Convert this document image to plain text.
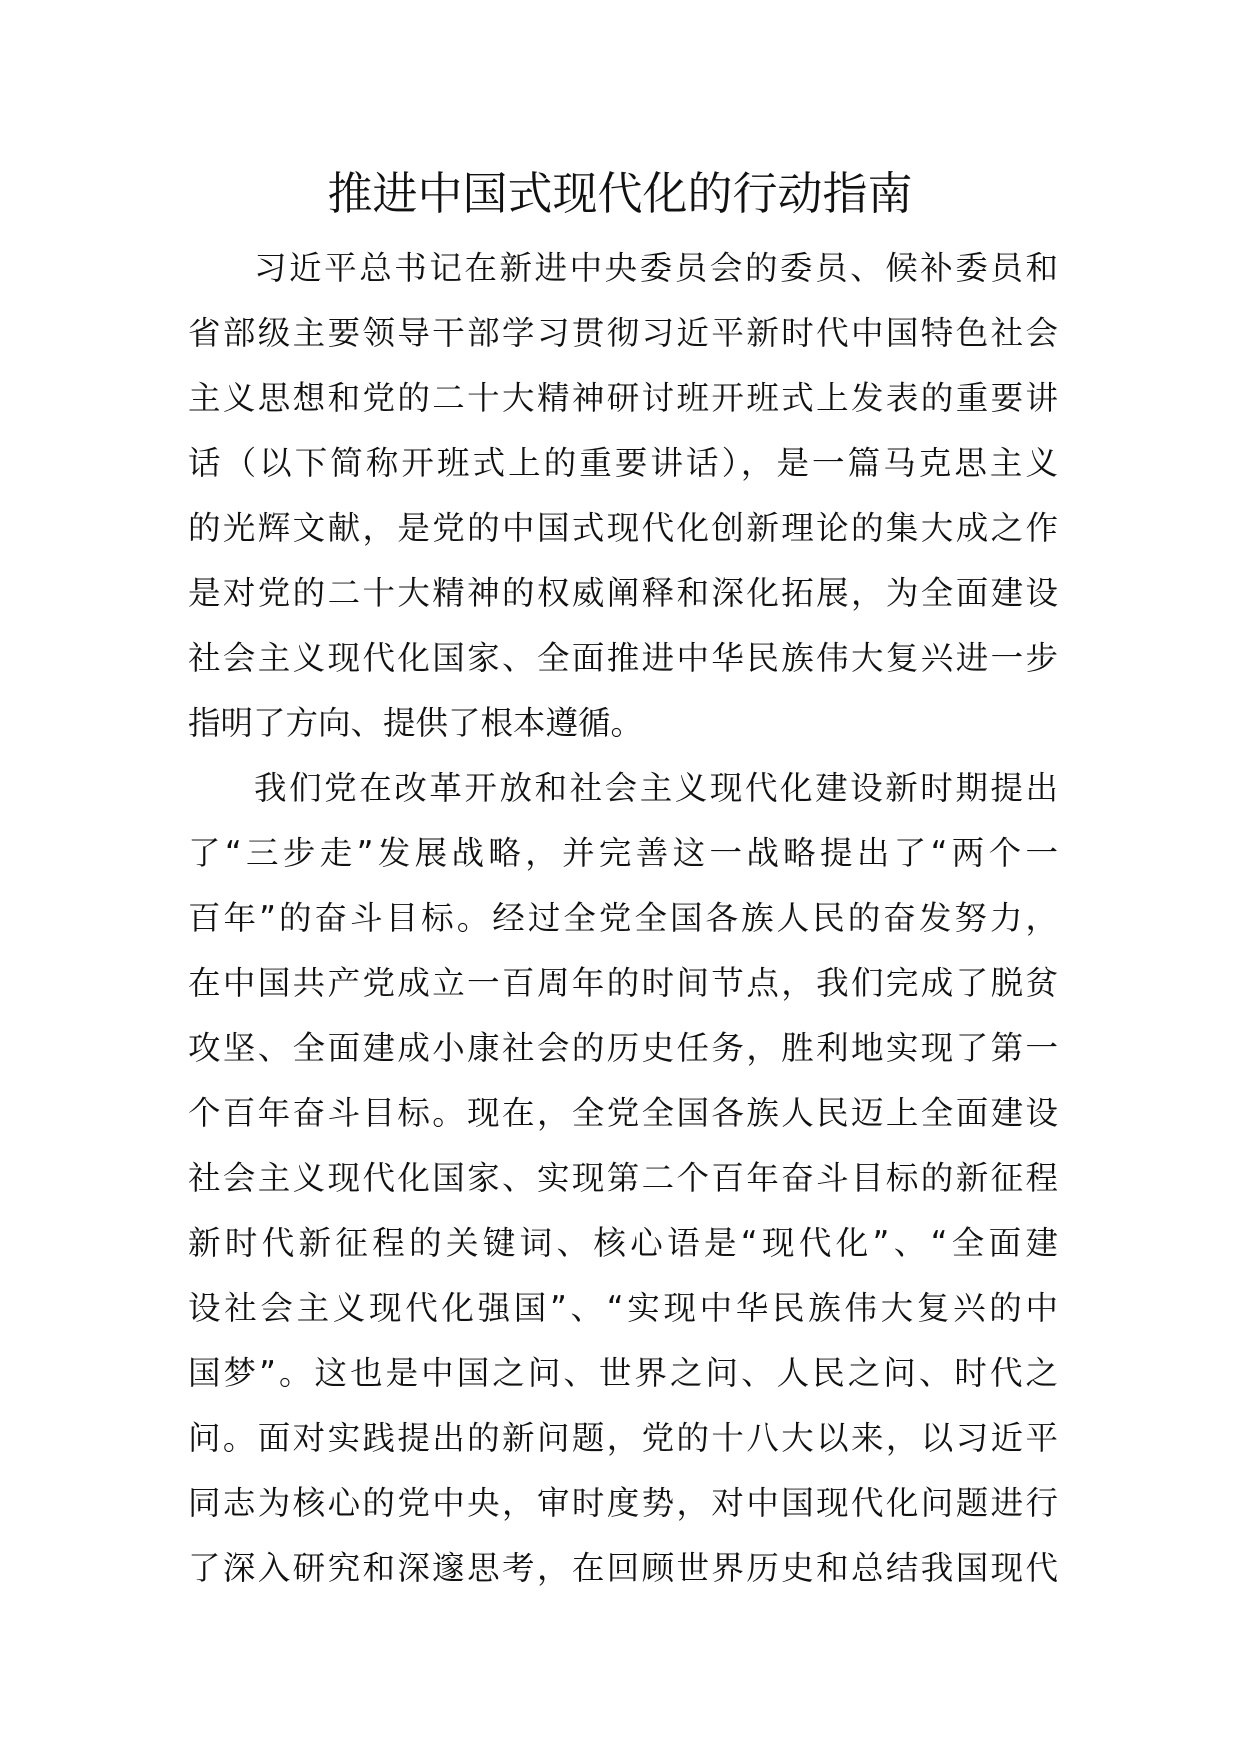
推进中国式现代化的行动指南
习近平总书记在新进中央委员会的委员、候补委员和
省部级主要领导干部学习贯彻习近平新时代中国特色社会
主义思想和党的二十大精神研讨班开班式上发表的重要讲
话（以下简称开班式上的重要讲话），是一篇马克思主义
的光辉文献，是党的中国式现代化创新理论的集大成之作
是对党的二十大精神的权威阐释和深化拓展，为全面建设
社会主义现代化国家、全面推进中华民族伟大复兴进一步
指明了方向、提供了根本遵循。
我们党在改革开放和社会主义现代化建设新时期提出
了“三步走”发展战略，并完善这一战略提出了“两个一
百年”的奋斗目标。经过全党全国各族人民的奋发努力，
在中国共产党成立一百周年的时间节点，我们完成了脱贫
攻坚、全面建成小康社会的历史任务，胜利地实现了第一
个百年奋斗目标。现在，全党全国各族人民迈上全面建设
社会主义现代化国家、实现第二个百年奋斗目标的新征程
新时代新征程的关键词、核心语是“现代化”、“全面建
设社会主义现代化强国”、“实现中华民族伟大复兴的中
国梦”。这也是中国之问、世界之问、人民之问、时代之
问。面对实践提出的新问题，党的十八大以来，以习近平
同志为核心的党中央，审时度势，对中国现代化问题进行
了深入研究和深邃思考，在回顾世界历史和总结我国现代
